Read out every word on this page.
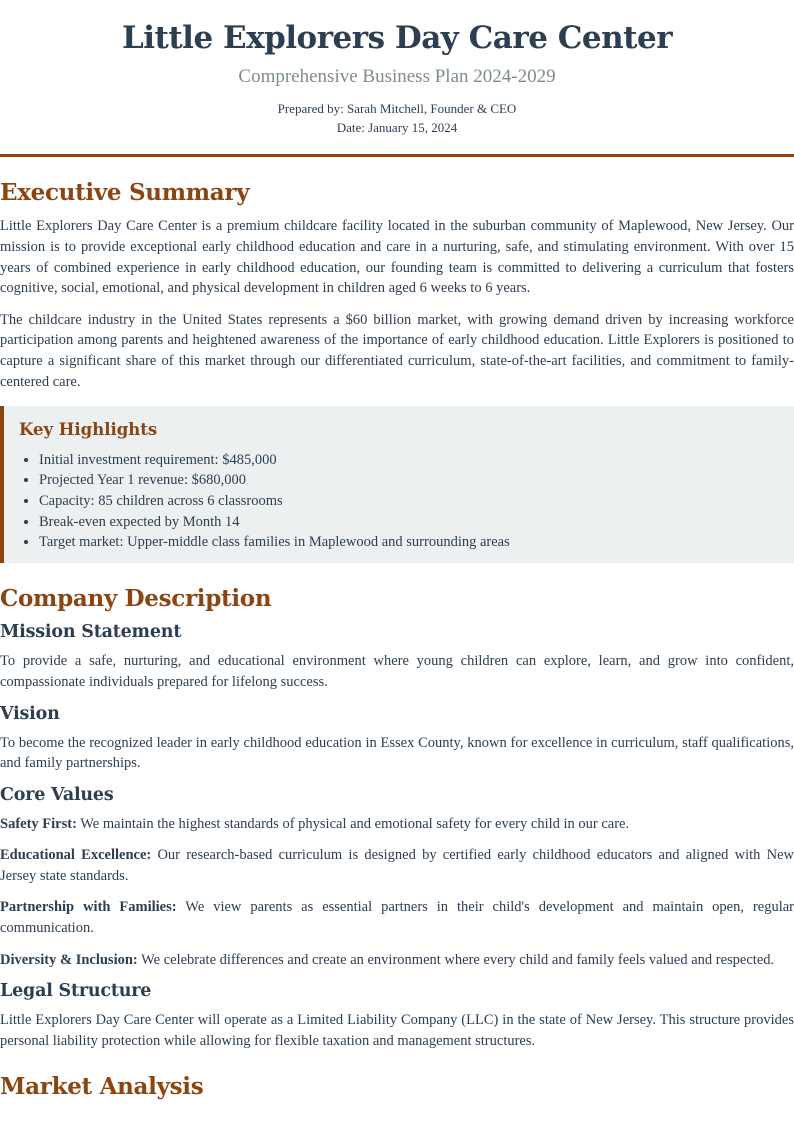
Little Explorers Day Care Center
Comprehensive Business Plan 2024-2029
Prepared by: Sarah Mitchell, Founder & CEO
Date: January 15, 2024
Executive Summary

Little Explorers Day Care Center is a premium childcare facility located in the suburban community of Maplewood, New Jersey. Our mission is to provide exceptional early childhood education and care in a nurturing, safe, and stimulating environment. With over 15 years of combined experience in early childhood education, our founding team is committed to delivering a curriculum that fosters cognitive, social, emotional, and physical development in children aged 6 weeks to 6 years.

The childcare industry in the United States represents a $60 billion market, with growing demand driven by increasing workforce participation among parents and heightened awareness of the importance of early childhood education. Little Explorers is positioned to capture a significant share of this market through our differentiated curriculum, state-of-the-art facilities, and commitment to family-centered care.

Key Highlights
• Initial investment requirement: $485,000
• Projected Year 1 revenue: $680,000
• Capacity: 85 children across 6 classrooms
• Break-even expected by Month 14
• Target market: Upper-middle class families in Maplewood and surrounding areas
Company Description
Mission Statement

To provide a safe, nurturing, and educational environment where young children can explore, learn, and grow into confident, compassionate individuals prepared for lifelong success.

Vision

To become the recognized leader in early childhood education in Essex County, known for excellence in curriculum, staff qualifications, and family partnerships.

Core Values

Safety First: We maintain the highest standards of physical and emotional safety for every child in our care.

Educational Excellence: Our research-based curriculum is designed by certified early childhood educators and aligned with New Jersey state standards.

Partnership with Families: We view parents as essential partners in their child's development and maintain open, regular communication.

Diversity & Inclusion: We celebrate differences and create an environment where every child and family feels valued and respected.

Legal Structure

Little Explorers Day Care Center will operate as a Limited Liability Company (LLC) in the state of New Jersey. This structure provides personal liability protection while allowing for flexible taxation and management structures.

Market Analysis
